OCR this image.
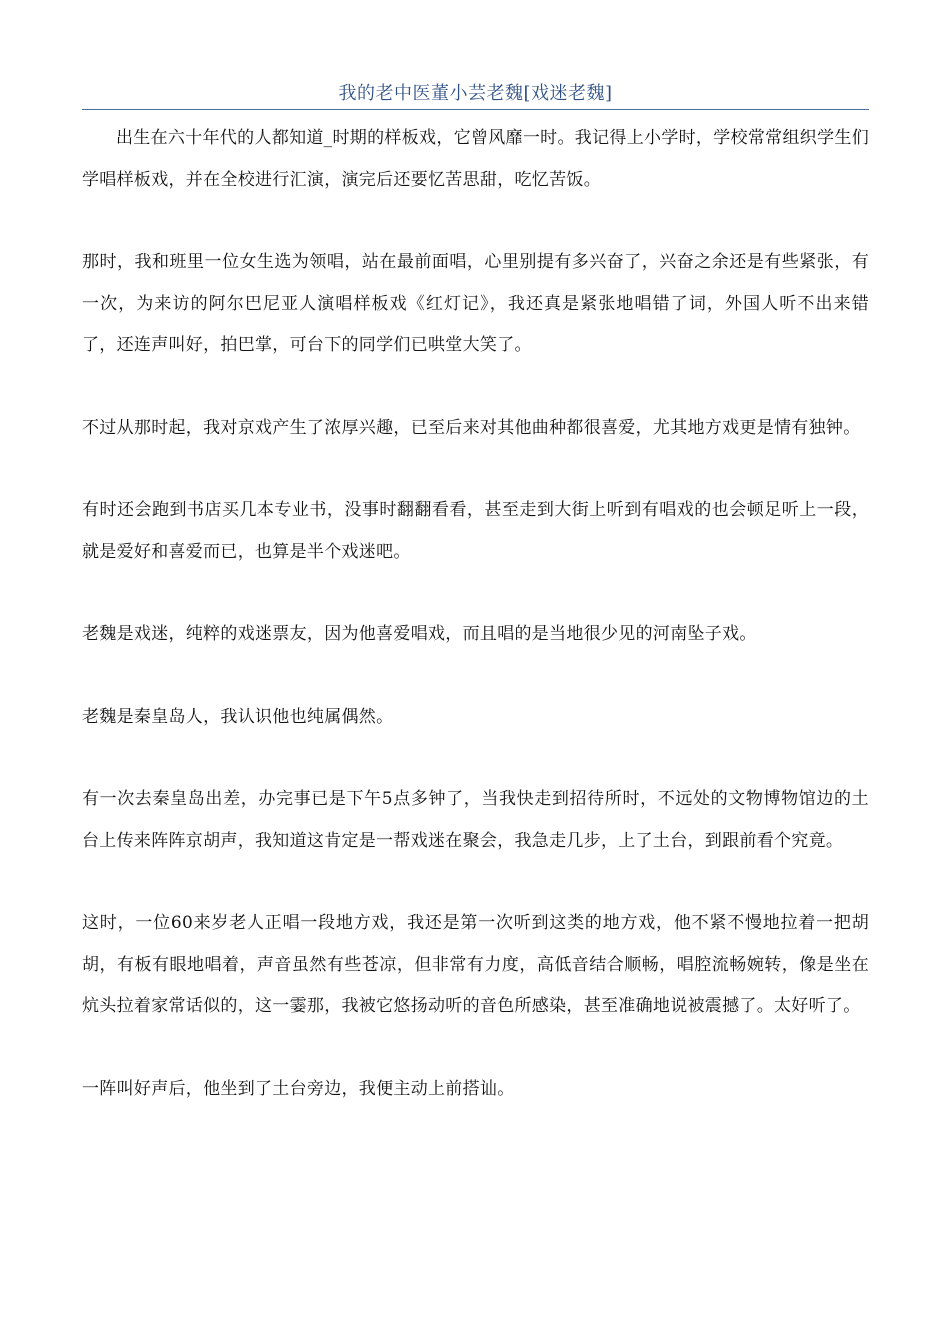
我的老中医董小芸老魏[戏迷老魏]

出生在六十年代的人都知道_时期的样板戏，它曾风靡一时。我记得上小学时，学校常常组织学生们学唱样板戏，并在全校进行汇演，演完后还要忆苦思甜，吃忆苦饭。

那时，我和班里一位女生选为领唱，站在最前面唱，心里别提有多兴奋了，兴奋之余还是有些紧张，有一次，为来访的阿尔巴尼亚人演唱样板戏《红灯记》，我还真是紧张地唱错了词，外国人听不出来错了，还连声叫好，拍巴掌，可台下的同学们已哄堂大笑了。

不过从那时起，我对京戏产生了浓厚兴趣，已至后来对其他曲种都很喜爱，尤其地方戏更是情有独钟。

有时还会跑到书店买几本专业书，没事时翻翻看看，甚至走到大街上听到有唱戏的也会顿足听上一段，就是爱好和喜爱而已，也算是半个戏迷吧。

老魏是戏迷，纯粹的戏迷票友，因为他喜爱唱戏，而且唱的是当地很少见的河南坠子戏。

老魏是秦皇岛人，我认识他也纯属偶然。

有一次去秦皇岛出差，办完事已是下午5点多钟了，当我快走到招待所时，不远处的文物博物馆边的土台上传来阵阵京胡声，我知道这肯定是一帮戏迷在聚会，我急走几步，上了土台，到跟前看个究竟。

这时，一位60来岁老人正唱一段地方戏，我还是第一次听到这类的地方戏，他不紧不慢地拉着一把胡胡，有板有眼地唱着，声音虽然有些苍凉，但非常有力度，高低音结合顺畅，唱腔流畅婉转，像是坐在炕头拉着家常话似的，这一霎那，我被它悠扬动听的音色所感染，甚至准确地说被震撼了。太好听了。

一阵叫好声后，他坐到了土台旁边，我便主动上前搭讪。
